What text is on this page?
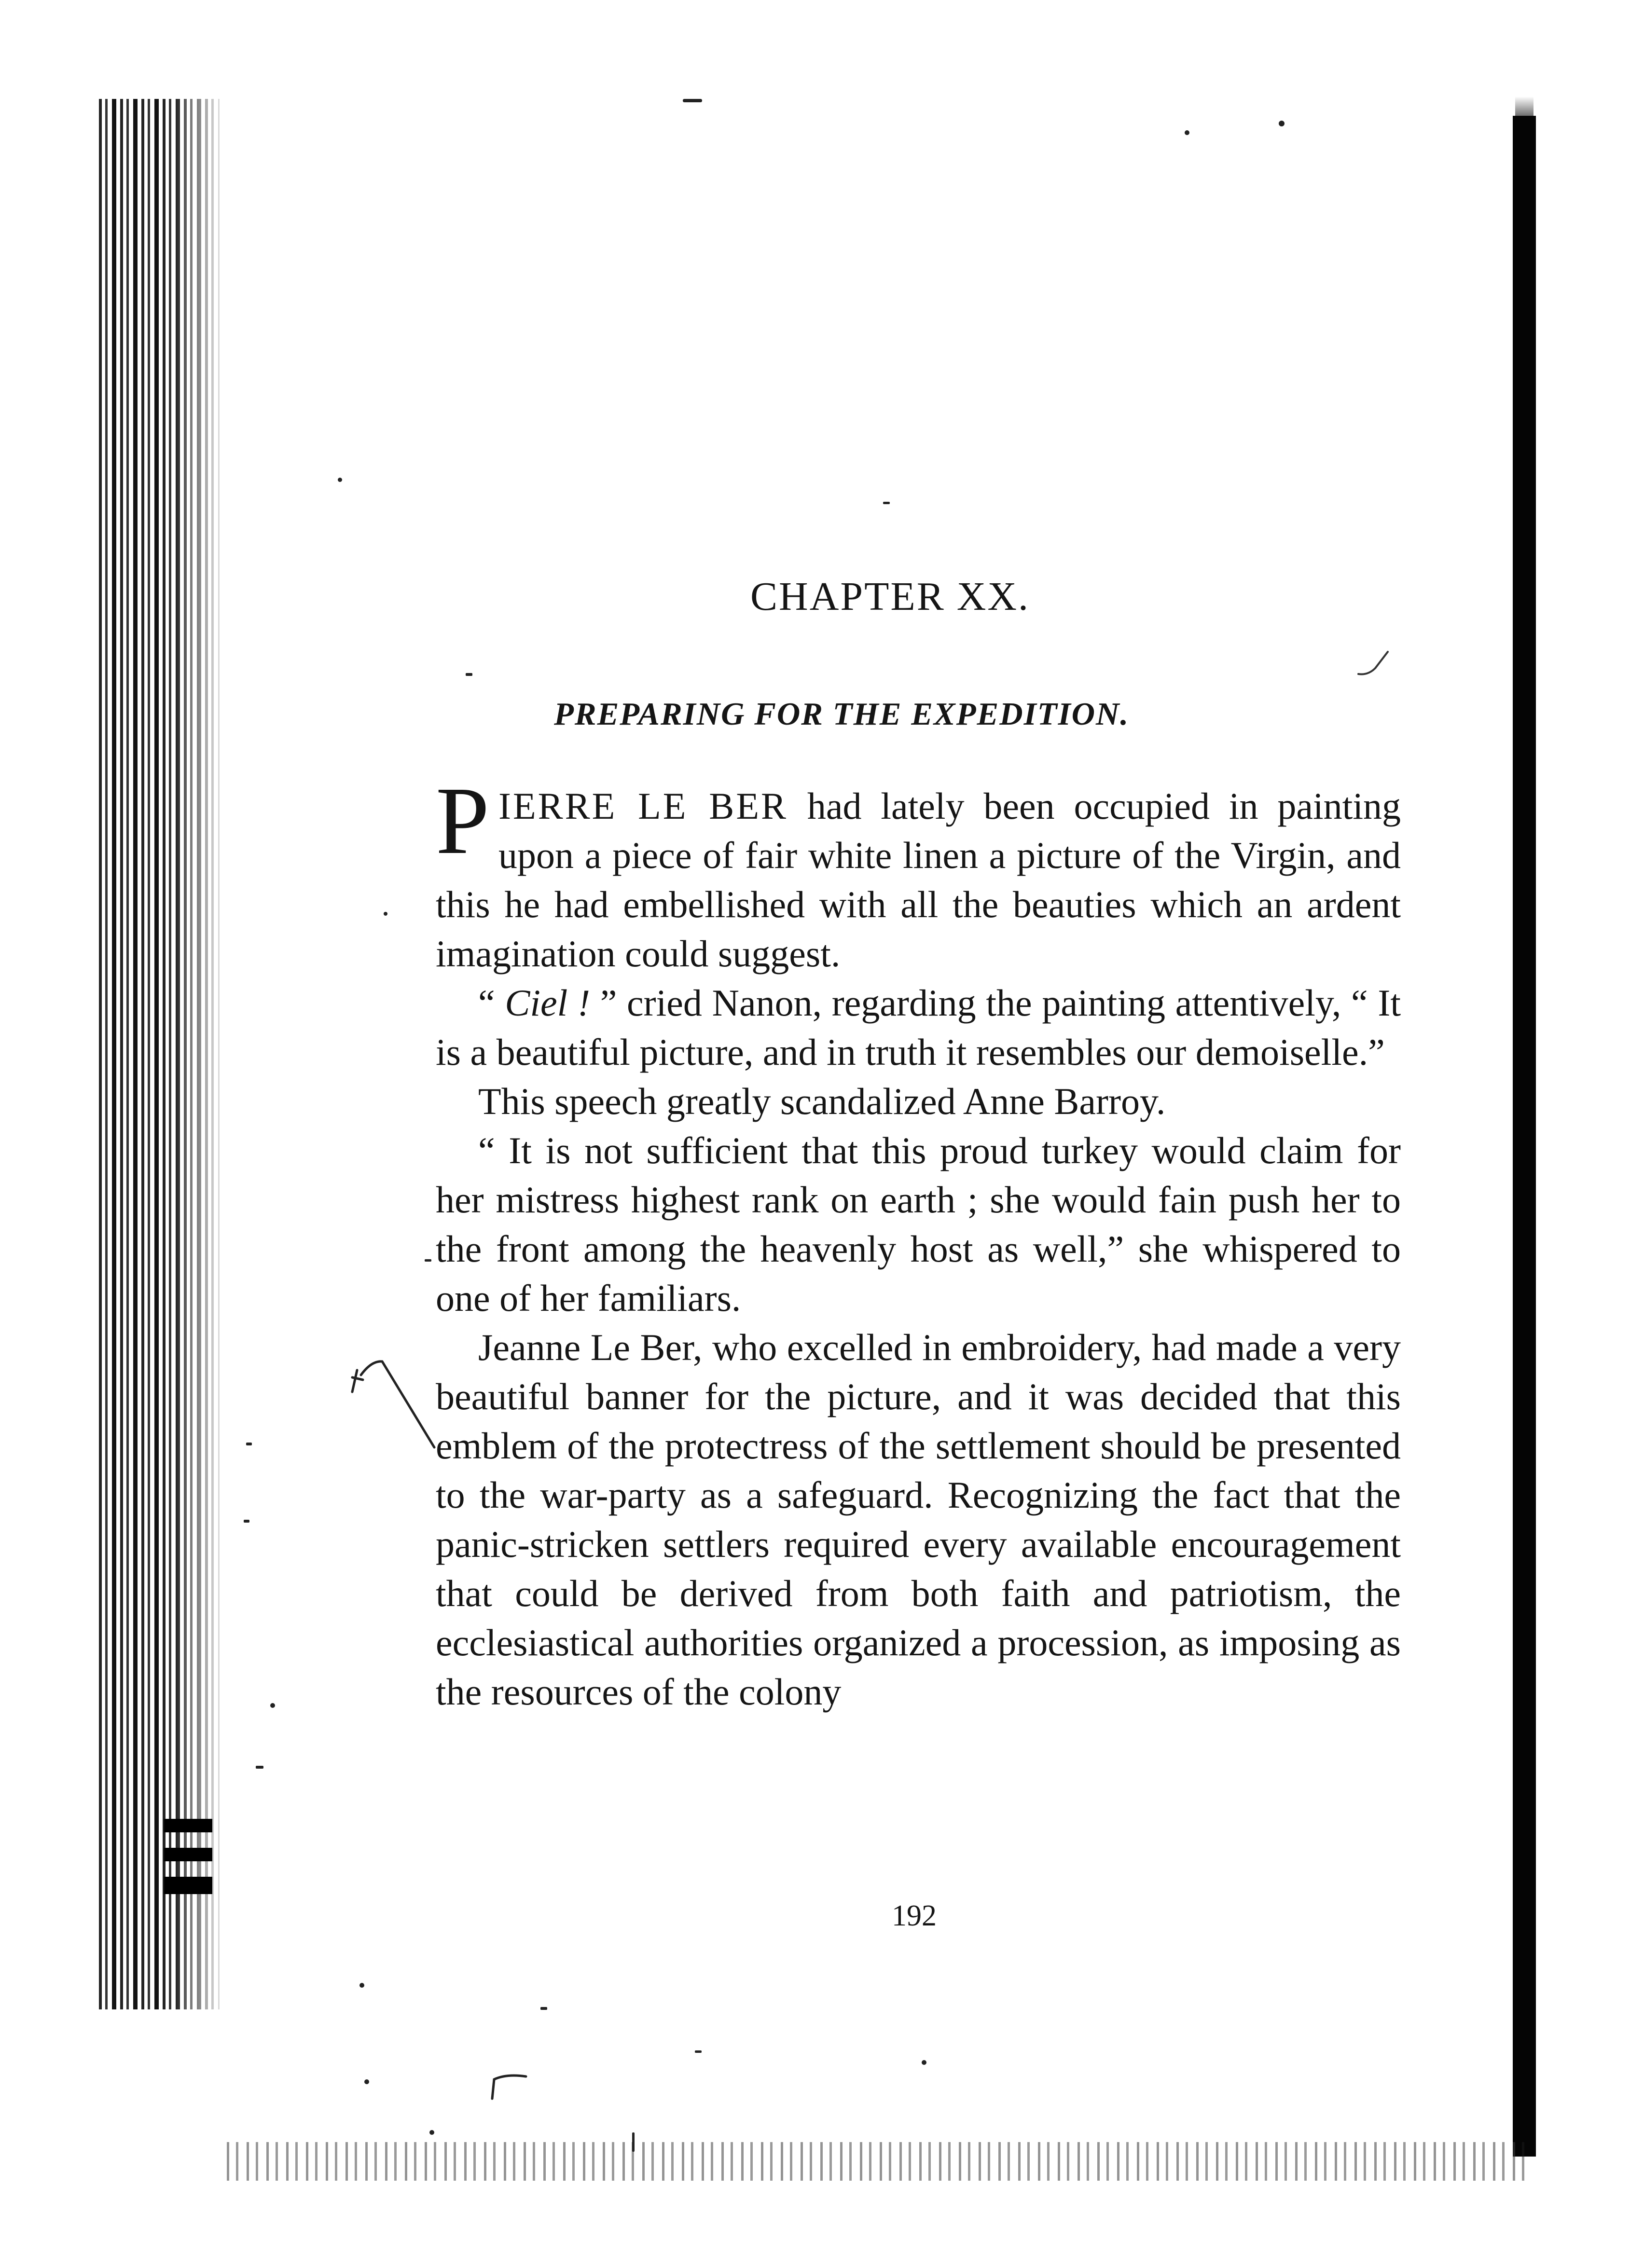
CHAPTER XX.
PREPARING FOR THE EXPEDITION.

PIERRE LE BER had lately been occupied in painting upon a piece of fair white linen a picture of the Virgin, and this he had embellished with all the beauties which an ardent imagination could suggest.

“ Ciel ! ” cried Nanon, regarding the painting attentively, “ It is a beautiful picture, and in truth it resembles our demoiselle.”

This speech greatly scandalized Anne Barroy.

“ It is not sufficient that this proud turkey would claim for her mistress highest rank on earth ; she would fain push her to the front among the heavenly host as well,” she whispered to one of her familiars.

Jeanne Le Ber, who excelled in embroidery, had made a very beautiful banner for the picture, and it was decided that this emblem of the protectress of the settlement should be presented to the war-party as a safeguard. Recognizing the fact that the panic-stricken settlers required every available encouragement that could be derived from both faith and patriotism, the ecclesiastical authorities organized a procession, as imposing as the resources of the colony

192
